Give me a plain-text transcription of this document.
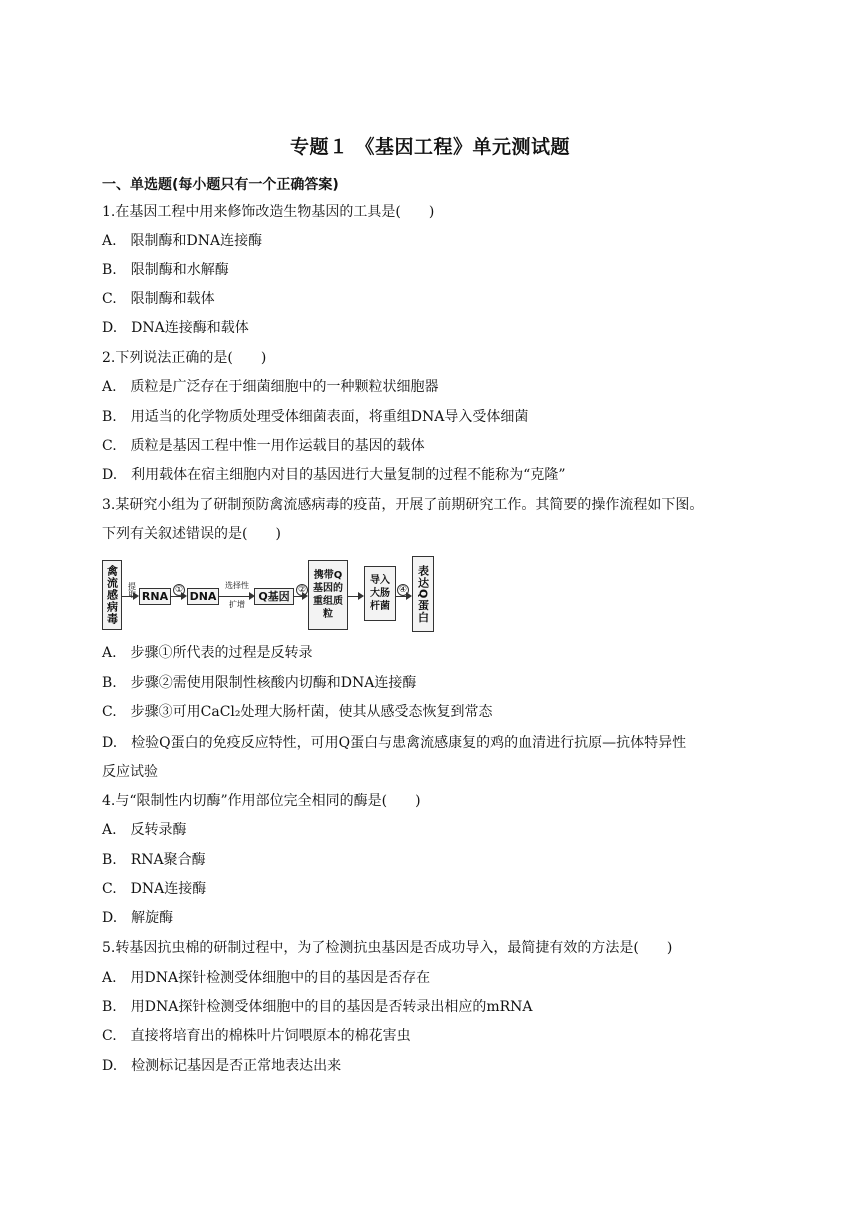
专题１ 《基因工程》单元测试题
一、单选题(每小题只有一个正确答案)
1.在基因工程中用来修饰改造生物基因的工具是(　　)
A.　限制酶和DNA连接酶
B.　限制酶和水解酶
C.　限制酶和载体
D.　DNA连接酶和载体
2.下列说法正确的是(　　)
A.　质粒是广泛存在于细菌细胞中的一种颗粒状细胞器
B.　用适当的化学物质处理受体细菌表面，将重组DNA导入受体细菌
C.　质粒是基因工程中惟一用作运载目的基因的载体
D.　利用载体在宿主细胞内对目的基因进行大量复制的过程不能称为“克隆”
3.某研究小组为了研制预防禽流感病毒的疫苗，开展了前期研究工作。其简要的操作流程如下图。
下列有关叙述错误的是(　　)
禽流感病毒	提取 RNA ① DNA
选择性
扩增
Q基因 ②
携带Q基因的重组质粒
导入大肠杆菌
④ 表达Q蛋白
A.　步骤①所代表的过程是反转录
B.　步骤②需使用限制性核酸内切酶和DNA连接酶
C.　步骤③可用CaCl₂处理大肠杆菌，使其从感受态恢复到常态
D.　检验Q蛋白的免疫反应特性，可用Q蛋白与患禽流感康复的鸡的血清进行抗原—抗体特异性
反应试验
4.与“限制性内切酶”作用部位完全相同的酶是(　　)
A.　反转录酶
B.　RNA聚合酶
C.　DNA连接酶
D.　解旋酶
5.转基因抗虫棉的研制过程中，为了检测抗虫基因是否成功导入，最简捷有效的方法是(　　)
A.　用DNA探针检测受体细胞中的目的基因是否存在
B.　用DNA探针检测受体细胞中的目的基因是否转录出相应的mRNA
C.　直接将培育出的棉株叶片饲喂原本的棉花害虫
D.　检测标记基因是否正常地表达出来
